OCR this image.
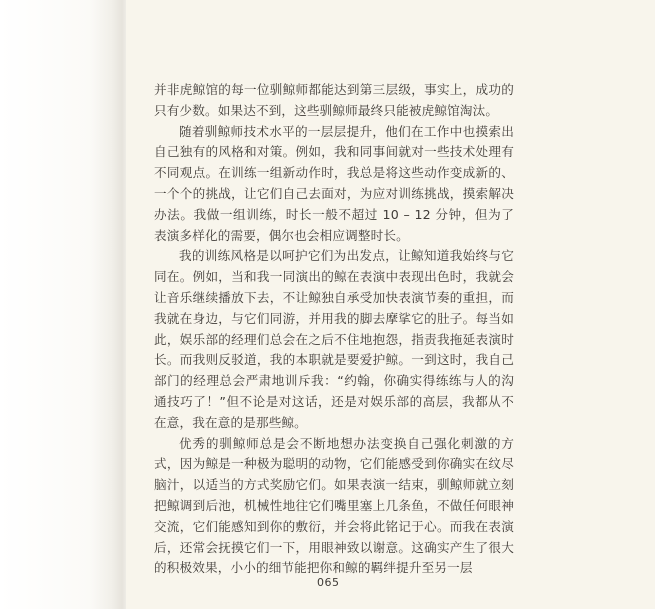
并非虎鲸馆的每一位驯鲸师都能达到第三层级，事实上，成功的只有少数。如果达不到，这些驯鲸师最终只能被虎鲸馆淘汰。

随着驯鲸师技术水平的一层层提升，他们在工作中也摸索出自己独有的风格和对策。例如，我和同事间就对一些技术处理有不同观点。在训练一组新动作时，我总是将这些动作变成新的、一个个的挑战，让它们自己去面对，为应对训练挑战，摸索解决办法。我做一组训练，时长一般不超过 10 – 12 分钟，但为了表演多样化的需要，偶尔也会相应调整时长。

我的训练风格是以呵护它们为出发点，让鲸知道我始终与它同在。例如，当和我一同演出的鲸在表演中表现出色时，我就会让音乐继续播放下去，不让鲸独自承受加快表演节奏的重担，而我就在身边，与它们同游，并用我的脚去摩挲它的肚子。每当如此，娱乐部的经理们总会在之后不住地抱怨，指责我拖延表演时长。而我则反驳道，我的本职就是要爱护鲸。一到这时，我自己部门的经理总会严肃地训斥我：“约翰，你确实得练练与人的沟通技巧了！”但不论是对这话，还是对娱乐部的高层，我都从不在意，我在意的是那些鲸。

优秀的驯鲸师总是会不断地想办法变换自己强化刺激的方式，因为鲸是一种极为聪明的动物，它们能感受到你确实在纹尽脑汁，以适当的方式奖励它们。如果表演一结束，驯鲸师就立刻把鲸调到后池，机械性地往它们嘴里塞上几条鱼，不做任何眼神交流，它们能感知到你的敷衍，并会将此铭记于心。而我在表演后，还常会抚摸它们一下，用眼神致以谢意。这确实产生了很大的积极效果，小小的细节能把你和鲸的羁绊提升至另一层

065
